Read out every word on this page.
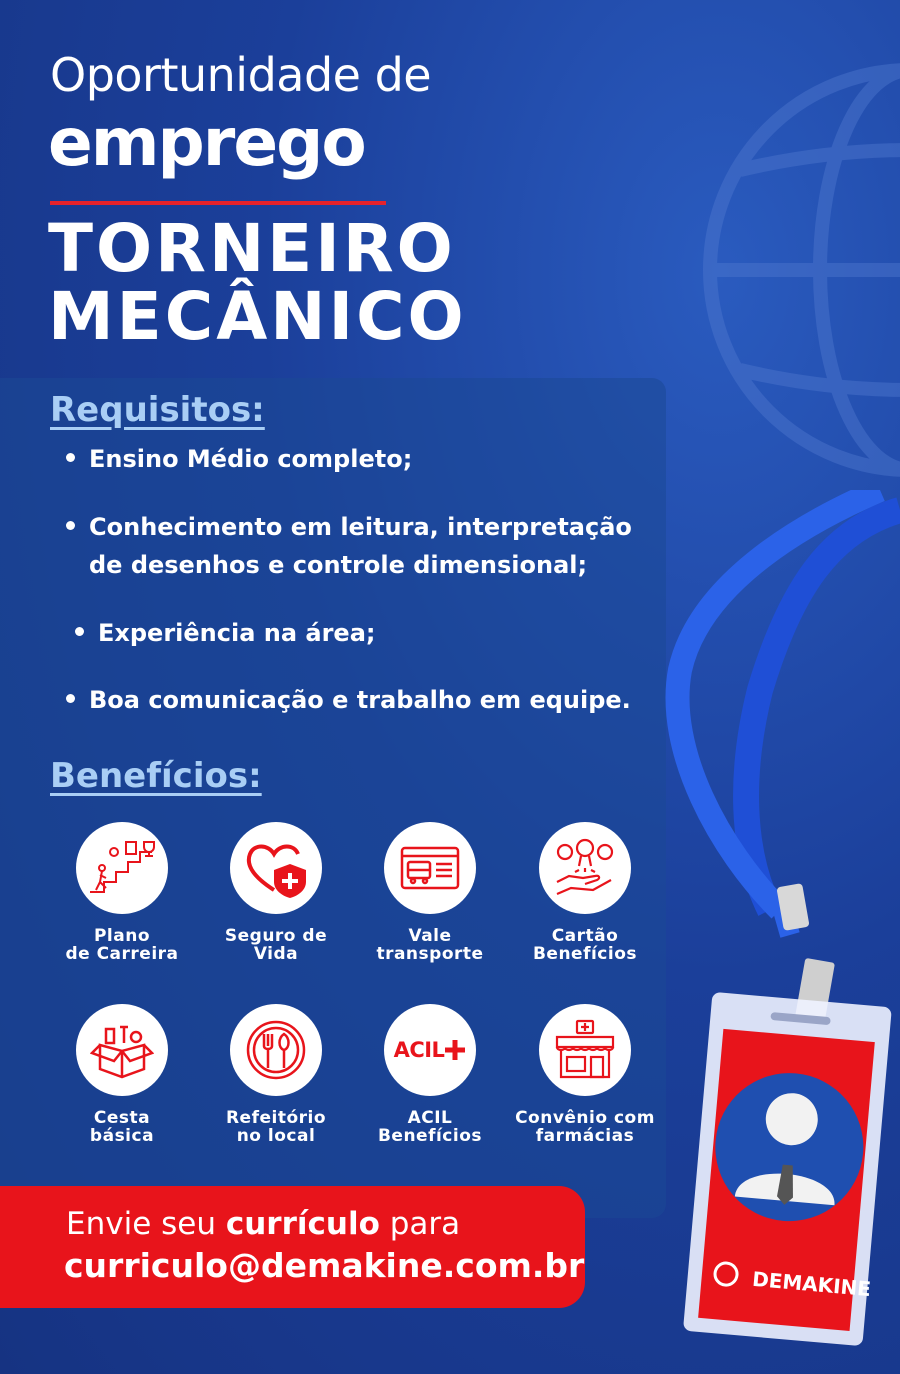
Oportunidade de
emprego
TORNEIRO
MECÂNICO
Requisitos:
Ensino Médio completo;
Conhecimento em leitura, interpretação
de desenhos e controle dimensional;
Experiência na área;
Boa comunicação e trabalho em equipe.
Benefícios:
Plano
de Carreira
Seguro de
Vida
Vale
transporte
Cartão
Benefícios
Cesta
básica
Refeitório
no local
ACIL
ACIL
Benefícios
Convênio com
farmácias
Envie seu currículo para
curriculo@demakine.com.br	DEMAKINE
